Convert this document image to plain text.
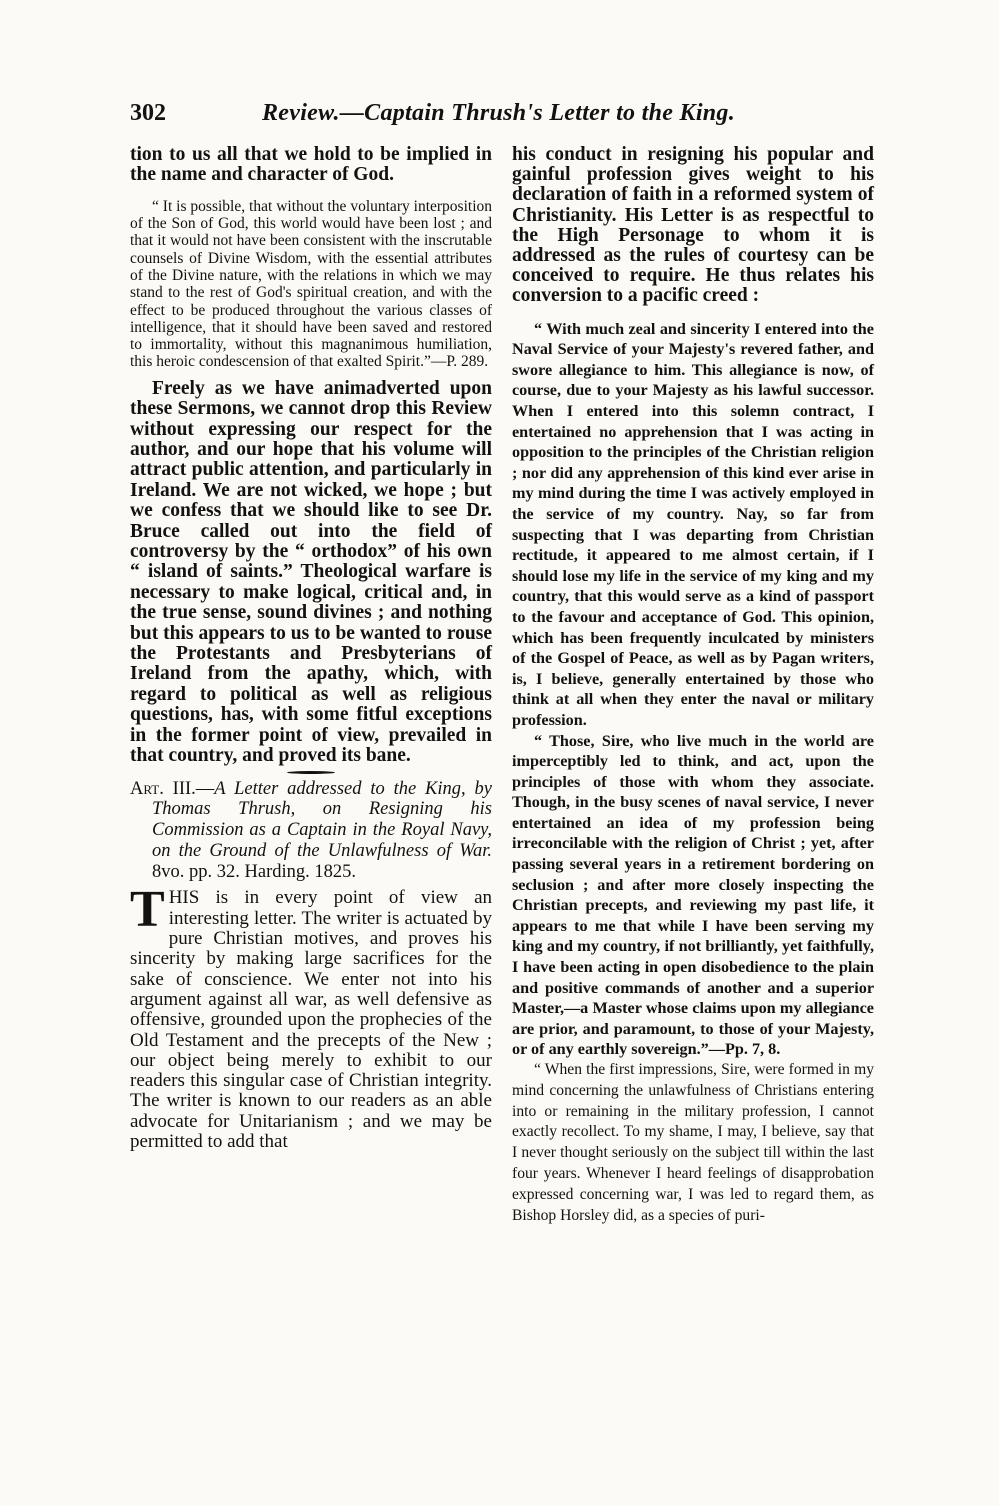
302	Review.—Captain Thrush's Letter to the King.

tion to us all that we hold to be implied in the name and character of God.

“ It is possible, that without the voluntary interposition of the Son of God, this world would have been lost ; and that it would not have been consistent with the inscrutable counsels of Divine Wisdom, with the essential attributes of the Divine nature, with the relations in which we may stand to the rest of God's spiritual creation, and with the effect to be produced throughout the various classes of intelligence, that it should have been saved and restored to immortality, without this magnanimous humiliation, this heroic condescension of that exalted Spirit.”—P. 289.

Freely as we have animadverted upon these Sermons, we cannot drop this Review without expressing our respect for the author, and our hope that his volume will attract public attention, and particularly in Ireland. We are not wicked, we hope ; but we confess that we should like to see Dr. Bruce called out into the field of controversy by the “ orthodox” of his own “ island of saints.” Theological warfare is necessary to make logical, critical and, in the true sense, sound divines ; and nothing but this appears to us to be wanted to rouse the Protestants and Presbyterians of Ireland from the apathy, which, with regard to political as well as religious questions, has, with some fitful exceptions in the former point of view, prevailed in that country, and proved its bane.

Art. III.—A Letter addressed to the King, by Thomas Thrush, on Resigning his Commission as a Captain in the Royal Navy, on the Ground of the Unlawfulness of War. 8vo. pp. 32. Harding. 1825.

THIS is in every point of view an interesting letter. The writer is actuated by pure Christian motives, and proves his sincerity by making large sacrifices for the sake of conscience. We enter not into his argument against all war, as well defensive as offensive, grounded upon the prophecies of the Old Testament and the precepts of the New ; our object being merely to exhibit to our readers this singular case of Christian integrity. The writer is known to our readers as an able advocate for Unitarianism ; and we may be permitted to add that

his conduct in resigning his popular and gainful profession gives weight to his declaration of faith in a reformed system of Christianity. His Letter is as respectful to the High Personage to whom it is addressed as the rules of courtesy can be conceived to require. He thus relates his conversion to a pacific creed :

“ With much zeal and sincerity I entered into the Naval Service of your Majesty's revered father, and swore allegiance to him. This allegiance is now, of course, due to your Majesty as his lawful successor. When I entered into this solemn contract, I entertained no apprehension that I was acting in opposition to the principles of the Christian religion ; nor did any apprehension of this kind ever arise in my mind during the time I was actively employed in the service of my country. Nay, so far from suspecting that I was departing from Christian rectitude, it appeared to me almost certain, if I should lose my life in the service of my king and my country, that this would serve as a kind of passport to the favour and acceptance of God. This opinion, which has been frequently inculcated by ministers of the Gospel of Peace, as well as by Pagan writers, is, I believe, generally entertained by those who think at all when they enter the naval or military profession.

“ Those, Sire, who live much in the world are imperceptibly led to think, and act, upon the principles of those with whom they associate. Though, in the busy scenes of naval service, I never entertained an idea of my profession being irreconcilable with the religion of Christ ; yet, after passing several years in a retirement bordering on seclusion ; and after more closely inspecting the Christian precepts, and reviewing my past life, it appears to me that while I have been serving my king and my country, if not brilliantly, yet faithfully, I have been acting in open disobedience to the plain and positive commands of another and a superior Master,—a Master whose claims upon my allegiance are prior, and paramount, to those of your Majesty, or of any earthly sovereign.”—Pp. 7, 8.

“ When the first impressions, Sire, were formed in my mind concerning the unlawfulness of Christians entering into or remaining in the military profession, I cannot exactly recollect. To my shame, I may, I believe, say that I never thought seriously on the subject till within the last four years. Whenever I heard feelings of disapprobation expressed concerning war, I was led to regard them, as Bishop Horsley did, as a species of puri-
